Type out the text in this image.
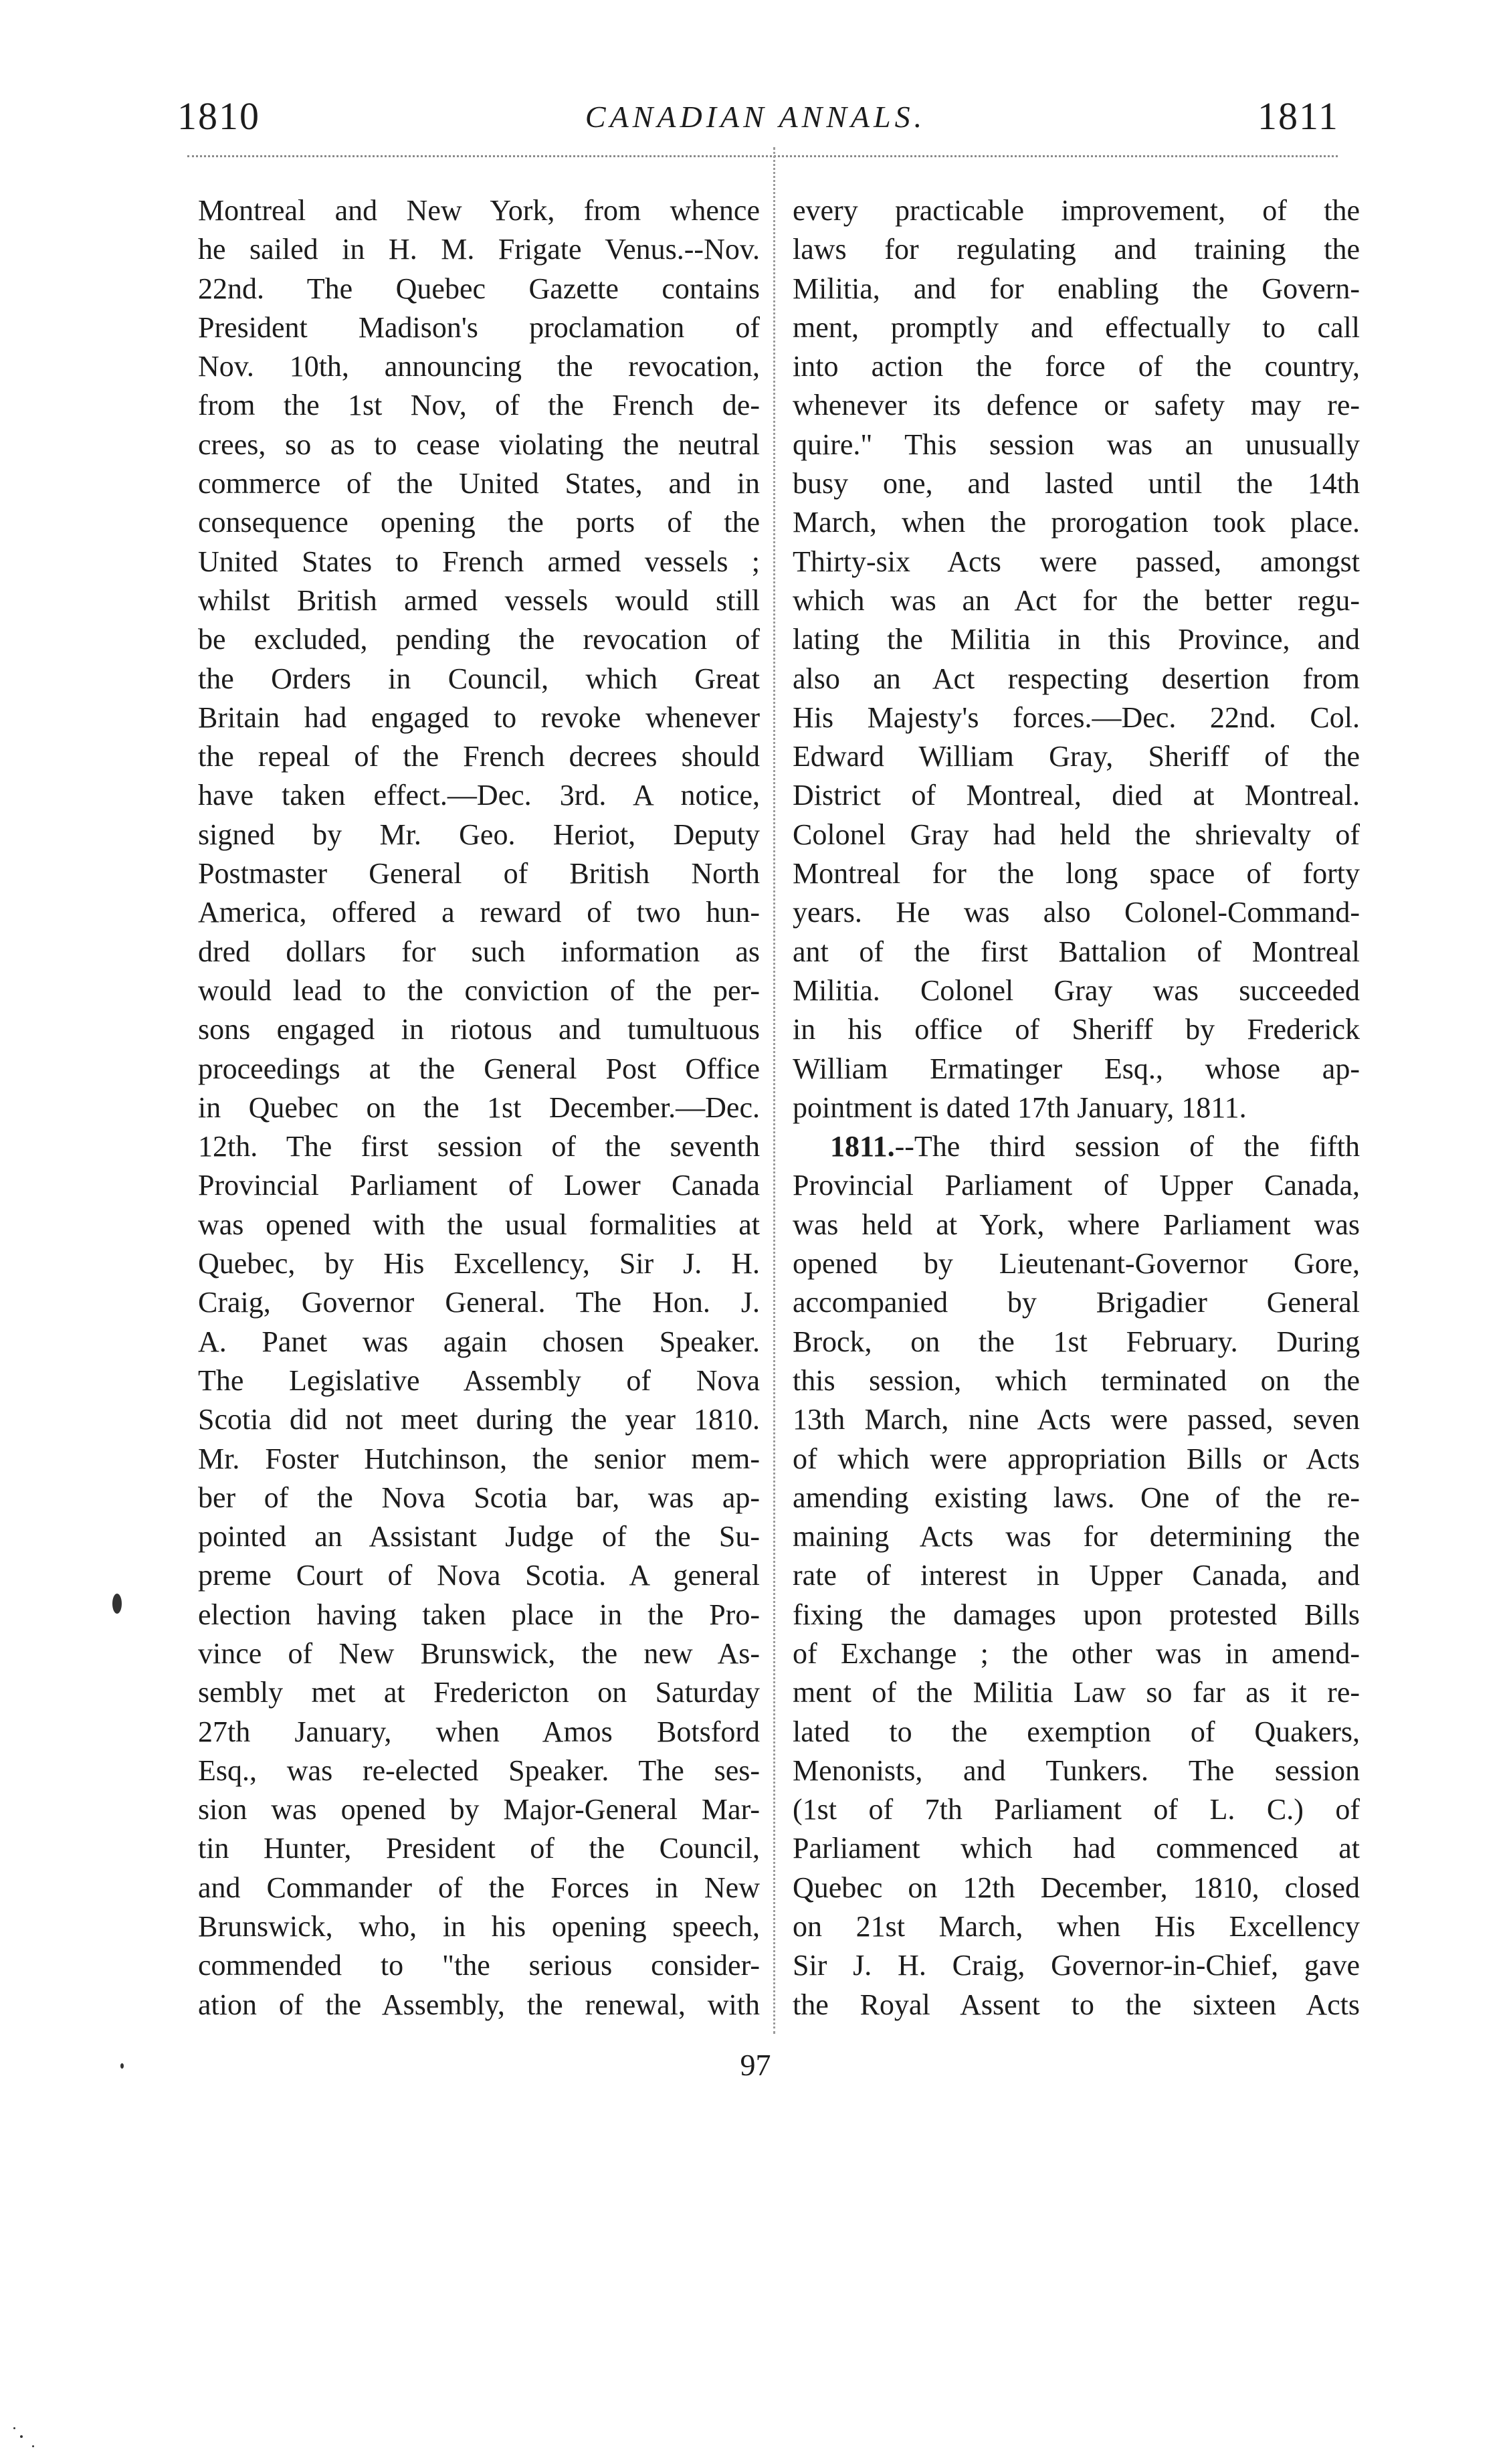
1810	CANADIAN ANNALS.	1811
Montreal and New York, from whence
he sailed in H. M. Frigate Venus.--Nov.
22nd. The Quebec Gazette contains
President Madison's proclamation of
Nov. 10th, announcing the revocation,
from the 1st Nov, of the French de-
crees, so as to cease violating the neutral
commerce of the United States, and in
consequence opening the ports of the
United States to French armed vessels ;
whilst British armed vessels would still
be excluded, pending the revocation of
the Orders in Council, which Great
Britain had engaged to revoke whenever
the repeal of the French decrees should
have taken effect.—Dec. 3rd. A notice,
signed by Mr. Geo. Heriot, Deputy
Postmaster General of British North
America, offered a reward of two hun-
dred dollars for such information as
would lead to the conviction of the per-
sons engaged in riotous and tumultuous
proceedings at the General Post Office
in Quebec on the 1st December.—Dec.
12th. The first session of the seventh
Provincial Parliament of Lower Canada
was opened with the usual formalities at
Quebec, by His Excellency, Sir J. H.
Craig, Governor General. The Hon. J.
A. Panet was again chosen Speaker.
The Legislative Assembly of Nova
Scotia did not meet during the year 1810.
Mr. Foster Hutchinson, the senior mem-
ber of the Nova Scotia bar, was ap-
pointed an Assistant Judge of the Su-
preme Court of Nova Scotia. A general
election having taken place in the Pro-
vince of New Brunswick, the new As-
sembly met at Fredericton on Saturday
27th January, when Amos Botsford
Esq., was re-elected Speaker. The ses-
sion was opened by Major-General Mar-
tin Hunter, President of the Council,
and Commander of the Forces in New
Brunswick, who, in his opening speech,
commended to "the serious consider-
ation of the Assembly, the renewal, with
every practicable improvement, of the
laws for regulating and training the
Militia, and for enabling the Govern-
ment, promptly and effectually to call
into action the force of the country,
whenever its defence or safety may re-
quire." This session was an unusually
busy one, and lasted until the 14th
March, when the prorogation took place.
Thirty-six Acts were passed, amongst
which was an Act for the better regu-
lating the Militia in this Province, and
also an Act respecting desertion from
His Majesty's forces.—Dec. 22nd. Col.
Edward William Gray, Sheriff of the
District of Montreal, died at Montreal.
Colonel Gray had held the shrievalty of
Montreal for the long space of forty
years. He was also Colonel-Command-
ant of the first Battalion of Montreal
Militia. Colonel Gray was succeeded
in his office of Sheriff by Frederick
William Ermatinger Esq., whose ap-
pointment is dated 17th January, 1811.
1811.--The third session of the fifth
Provincial Parliament of Upper Canada,
was held at York, where Parliament was
opened by Lieutenant-Governor Gore,
accompanied by Brigadier General
Brock, on the 1st February. During
this session, which terminated on the
13th March, nine Acts were passed, seven
of which were appropriation Bills or Acts
amending existing laws. One of the re-
maining Acts was for determining the
rate of interest in Upper Canada, and
fixing the damages upon protested Bills
of Exchange ; the other was in amend-
ment of the Militia Law so far as it re-
lated to the exemption of Quakers,
Menonists, and Tunkers. The session
(1st of 7th Parliament of L. C.) of
Parliament which had commenced at
Quebec on 12th December, 1810, closed
on 21st March, when His Excellency
Sir J. H. Craig, Governor-in-Chief, gave
the Royal Assent to the sixteen Acts
97
